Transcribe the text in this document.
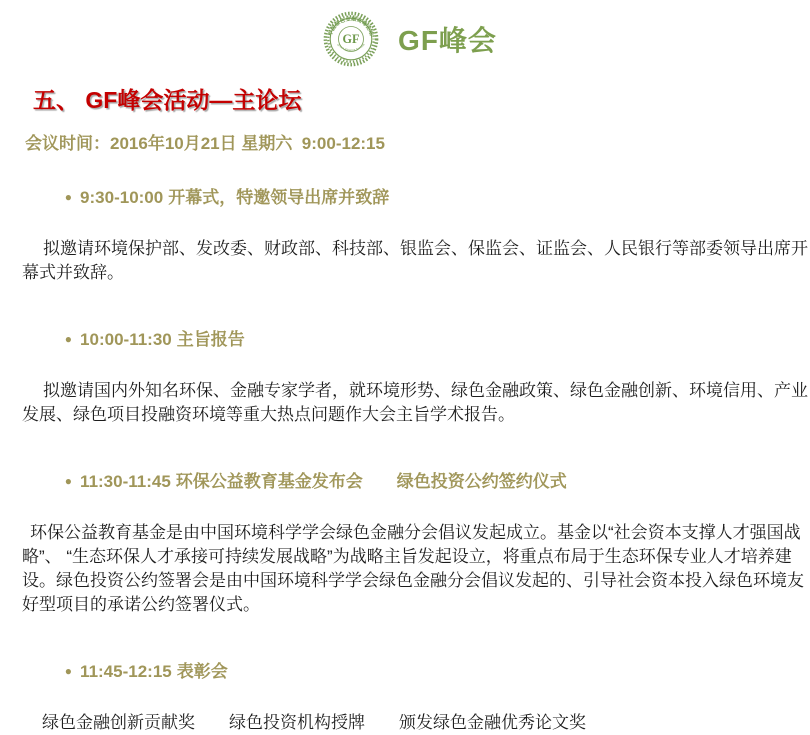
GF
中国绿色金融高峰论坛
Green Finance Summit GF峰会
五、 GF峰会活动—主论坛
会议时间：2016年10月21日 星期六  9:00-12:15

● 9:30-10:00 开幕式，特邀领导出席并致辞

拟邀请环境保护部、发改委、财政部、科技部、银监会、保监会、证监会、人民银行等部委领导出席开幕式并致辞。

● 10:00-11:30 主旨报告

拟邀请国内外知名环保、金融专家学者，就环境形势、绿色金融政策、绿色金融创新、环境信用、产业发展、绿色项目投融资环境等重大热点问题作大会主旨学术报告。

● 11:30-11:45 环保公益教育基金发布会　　绿色投资公约签约仪式

环保公益教育基金是由中国环境科学学会绿色金融分会倡议发起成立。基金以“社会资本支撑人才强国战略”、 “生态环保人才承接可持续发展战略”为战略主旨发起设立，将重点布局于生态环保专业人才培养建设。绿色投资公约签署会是由中国环境科学学会绿色金融分会倡议发起的、引导社会资本投入绿色环境友好型项目的承诺公约签署仪式。

● 11:45-12:15 表彰会

绿色金融创新贡献奖　　绿色投资机构授牌　　颁发绿色金融优秀论文奖
